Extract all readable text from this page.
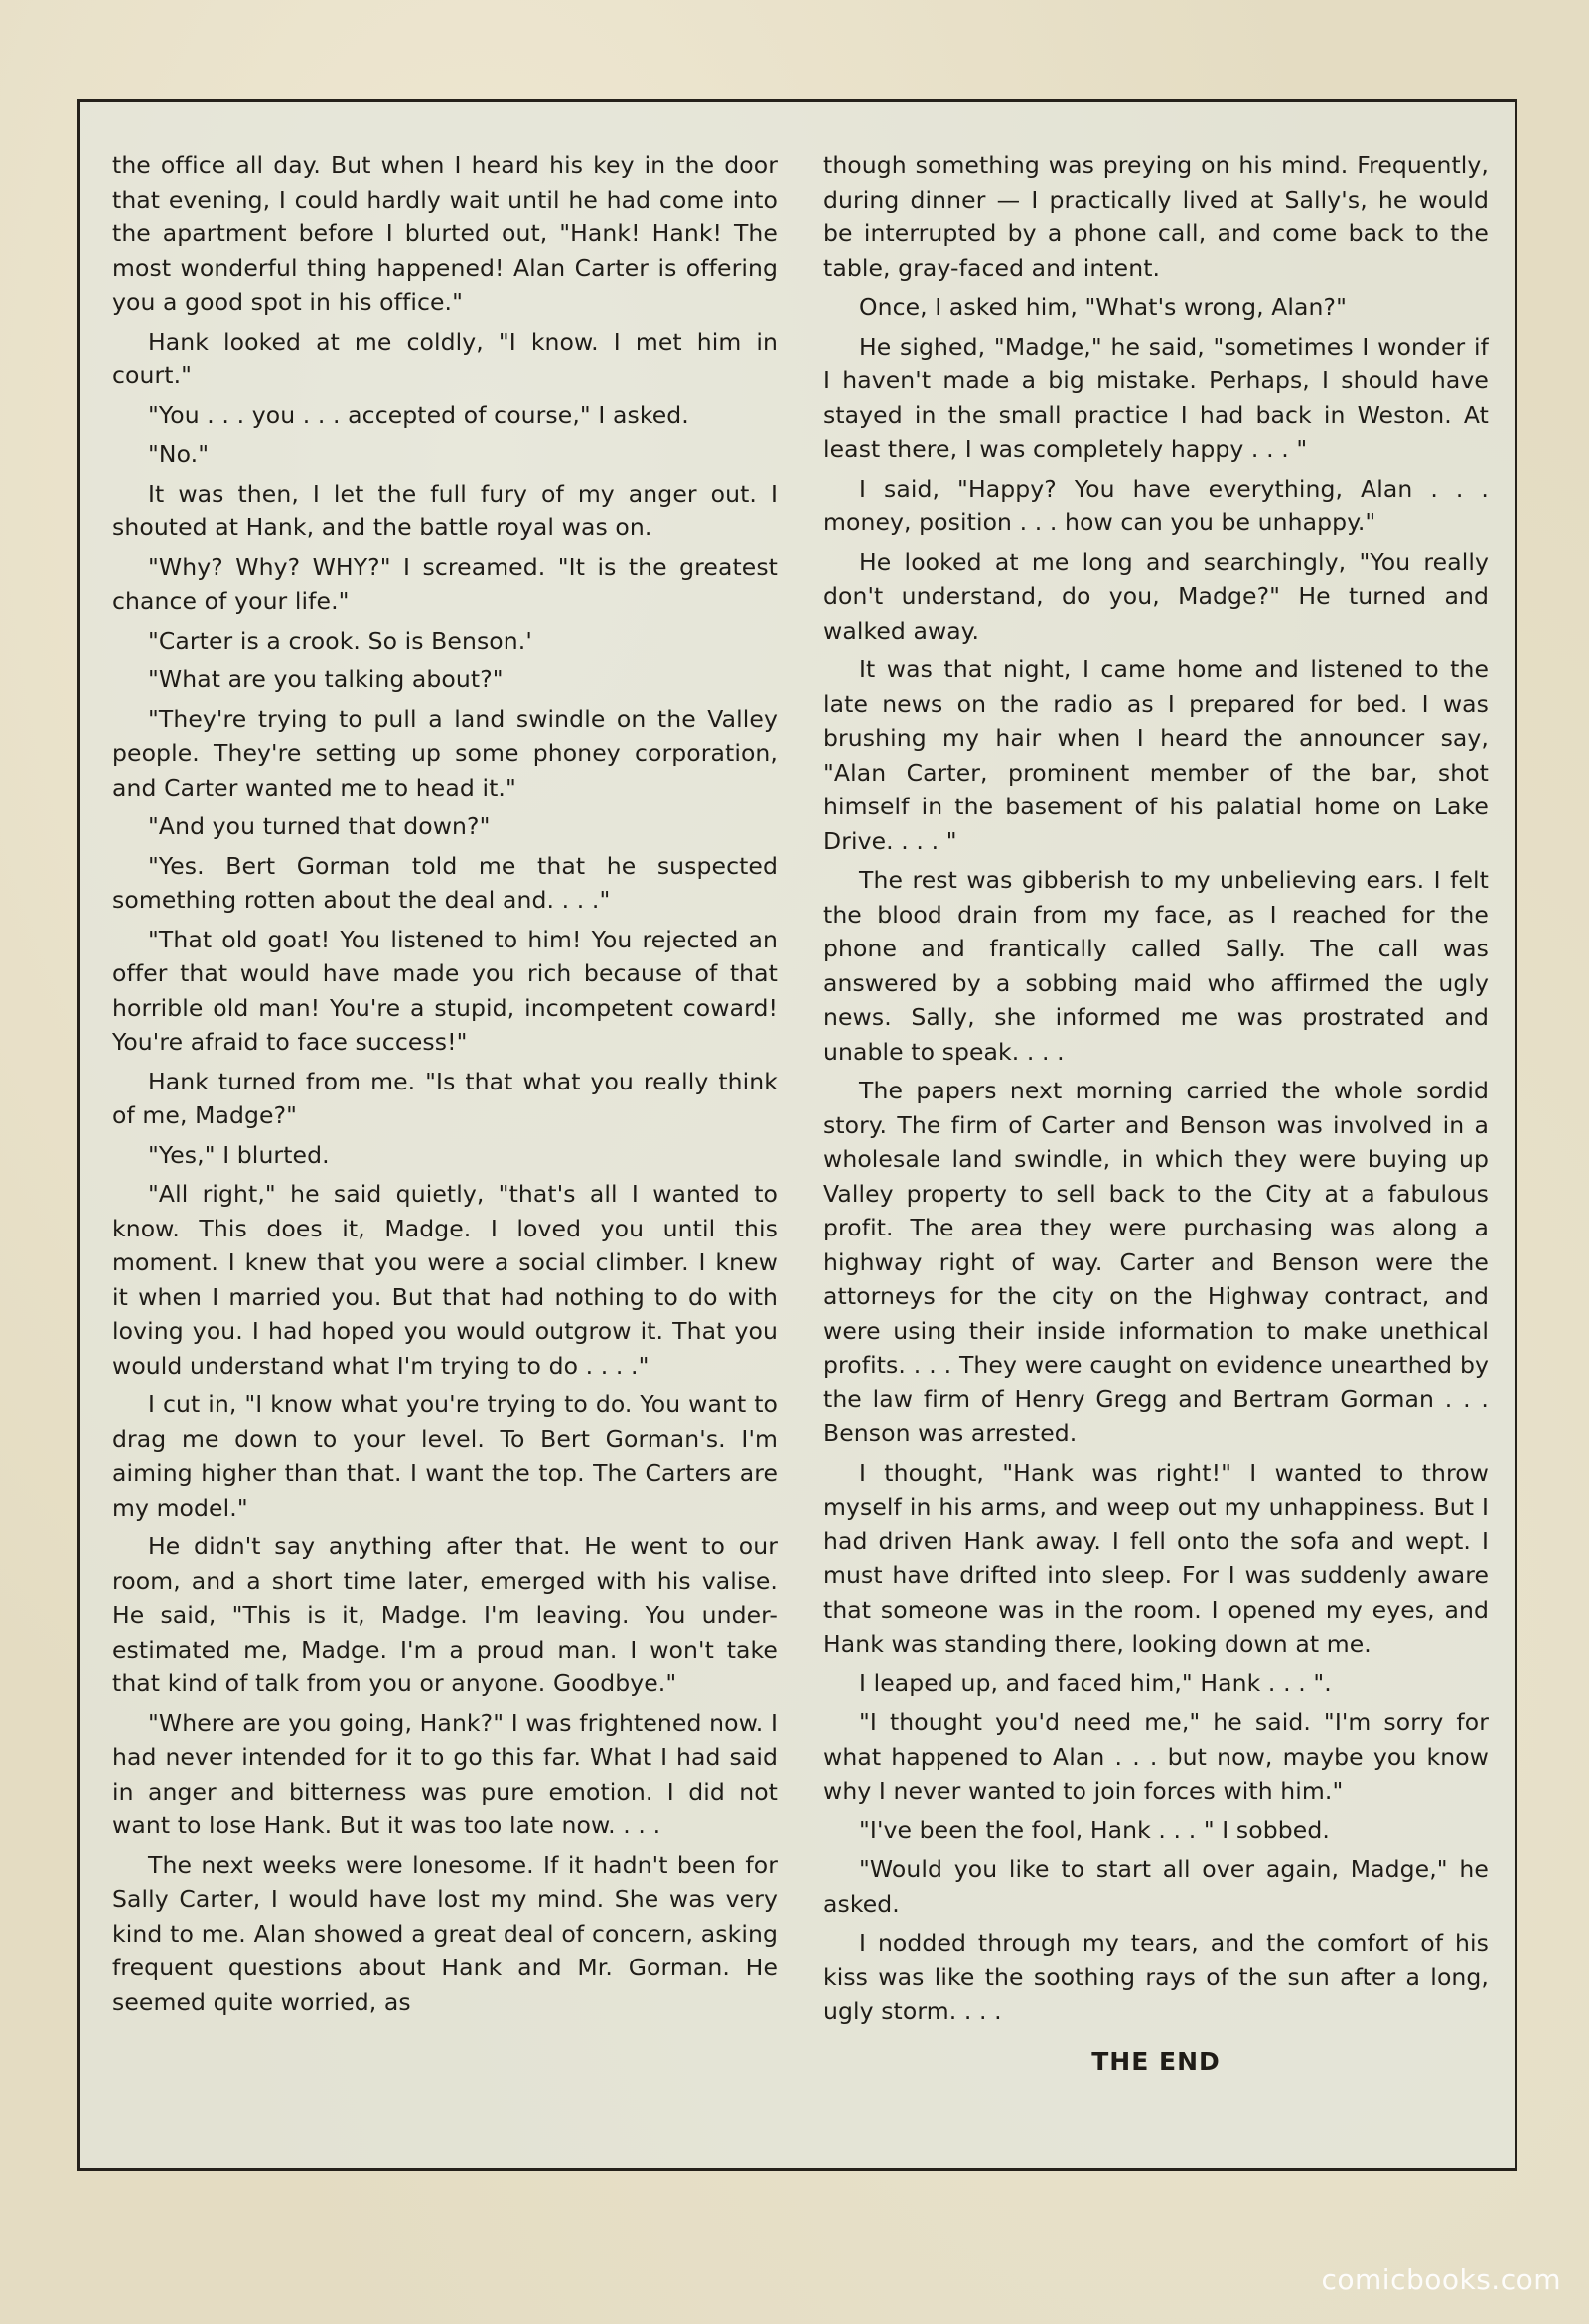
the office all day. But when I heard his key in the door that evening, I could hardly wait until he had come into the apartment before I blurted out, "Hank! Hank! The most wonderful thing happened! Alan Carter is offering you a good spot in his office."

Hank looked at me coldly, "I know. I met him in court."

"You . . . you . . . accepted of course," I asked.

"No."

It was then, I let the full fury of my anger out. I shouted at Hank, and the battle royal was on.

"Why? Why? WHY?" I screamed. "It is the greatest chance of your life."

"Carter is a crook. So is Benson.'

"What are you talking about?"

"They're trying to pull a land swindle on the Valley people. They're setting up some phoney corporation, and Carter wanted me to head it."

"And you turned that down?"

"Yes. Bert Gorman told me that he suspected something rotten about the deal and. . . ."

"That old goat! You listened to him! You rejected an offer that would have made you rich because of that horrible old man! You're a stupid, incompetent coward! You're afraid to face success!"

Hank turned from me. "Is that what you really think of me, Madge?"

"Yes," I blurted.

"All right," he said quietly, "that's all I wanted to know. This does it, Madge. I loved you until this moment. I knew that you were a social climber. I knew it when I married you. But that had nothing to do with loving you. I had hoped you would outgrow it. That you would understand what I'm trying to do . . . ."

I cut in, "I know what you're trying to do. You want to drag me down to your level. To Bert Gorman's. I'm aiming higher than that. I want the top. The Carters are my model."

He didn't say anything after that. He went to our room, and a short time later, emerged with his valise. He said, "This is it, Madge. I'm leaving. You under-estimated me, Madge. I'm a proud man. I won't take that kind of talk from you or anyone. Goodbye."

"Where are you going, Hank?" I was frightened now. I had never intended for it to go this far. What I had said in anger and bitterness was pure emotion. I did not want to lose Hank. But it was too late now. . . .

The next weeks were lonesome. If it hadn't been for Sally Carter, I would have lost my mind. She was very kind to me. Alan showed a great deal of concern, asking frequent questions about Hank and Mr. Gorman. He seemed quite worried, as

though something was preying on his mind. Frequently, during dinner — I practically lived at Sally's, he would be interrupted by a phone call, and come back to the table, gray-faced and intent.

Once, I asked him, "What's wrong, Alan?"

He sighed, "Madge," he said, "sometimes I wonder if I haven't made a big mistake. Perhaps, I should have stayed in the small practice I had back in Weston. At least there, I was completely happy . . . "

I said, "Happy? You have everything, Alan . . . money, position . . . how can you be unhappy."

He looked at me long and searchingly, "You really don't understand, do you, Madge?" He turned and walked away.

It was that night, I came home and listened to the late news on the radio as I prepared for bed. I was brushing my hair when I heard the announcer say, "Alan Carter, prominent member of the bar, shot himself in the basement of his palatial home on Lake Drive. . . . "

The rest was gibberish to my unbelieving ears. I felt the blood drain from my face, as I reached for the phone and frantically called Sally. The call was answered by a sobbing maid who affirmed the ugly news. Sally, she informed me was prostrated and unable to speak. . . .

The papers next morning carried the whole sordid story. The firm of Carter and Benson was involved in a wholesale land swindle, in which they were buying up Valley property to sell back to the City at a fabulous profit. The area they were purchasing was along a highway right of way. Carter and Benson were the attorneys for the city on the Highway contract, and were using their inside information to make unethical profits. . . . They were caught on evidence unearthed by the law firm of Henry Gregg and Bertram Gorman . . . Benson was arrested.

I thought, "Hank was right!" I wanted to throw myself in his arms, and weep out my unhappiness. But I had driven Hank away. I fell onto the sofa and wept. I must have drifted into sleep. For I was suddenly aware that someone was in the room. I opened my eyes, and Hank was standing there, looking down at me.

I leaped up, and faced him," Hank . . . ".

"I thought you'd need me," he said. "I'm sorry for what happened to Alan . . . but now, maybe you know why I never wanted to join forces with him."

"I've been the fool, Hank . . . " I sobbed.

"Would you like to start all over again, Madge," he asked.

I nodded through my tears, and the comfort of his kiss was like the soothing rays of the sun after a long, ugly storm. . . .

THE END
comicbooks.com
